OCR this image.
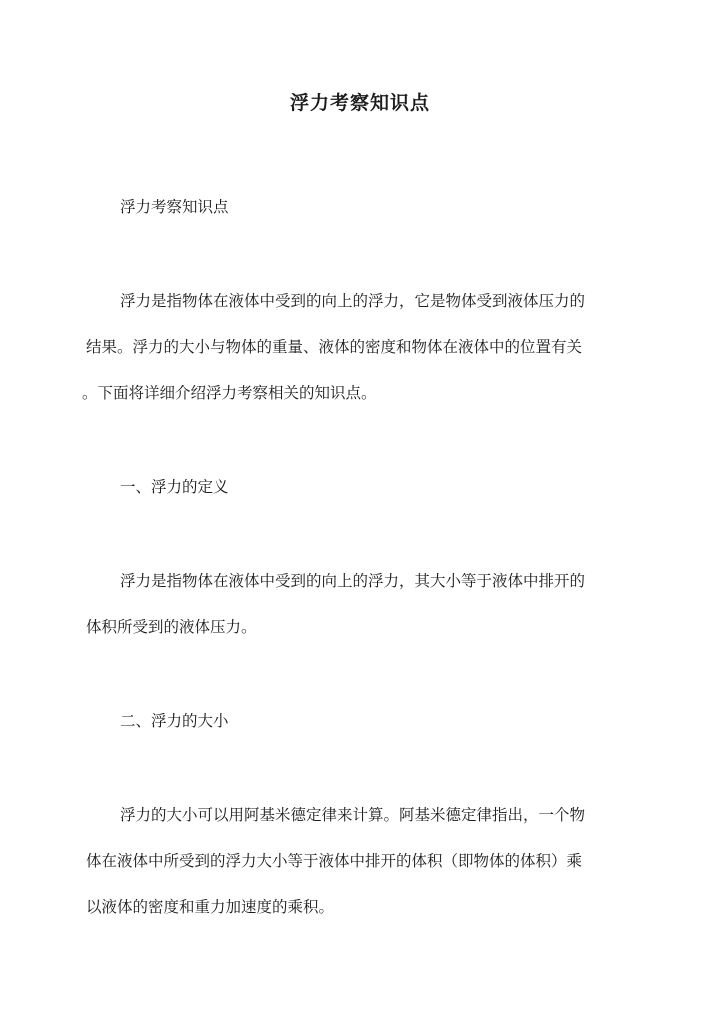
浮力考察知识点
浮力考察知识点
浮力是指物体在液体中受到的向上的浮力，它是物体受到液体压力的
结果。浮力的大小与物体的重量、液体的密度和物体在液体中的位置有关
。下面将详细介绍浮力考察相关的知识点。
一、浮力的定义
浮力是指物体在液体中受到的向上的浮力，其大小等于液体中排开的
体积所受到的液体压力。
二、浮力的大小
浮力的大小可以用阿基米德定律来计算。阿基米德定律指出，一个物
体在液体中所受到的浮力大小等于液体中排开的体积（即物体的体积）乘
以液体的密度和重力加速度的乘积。
